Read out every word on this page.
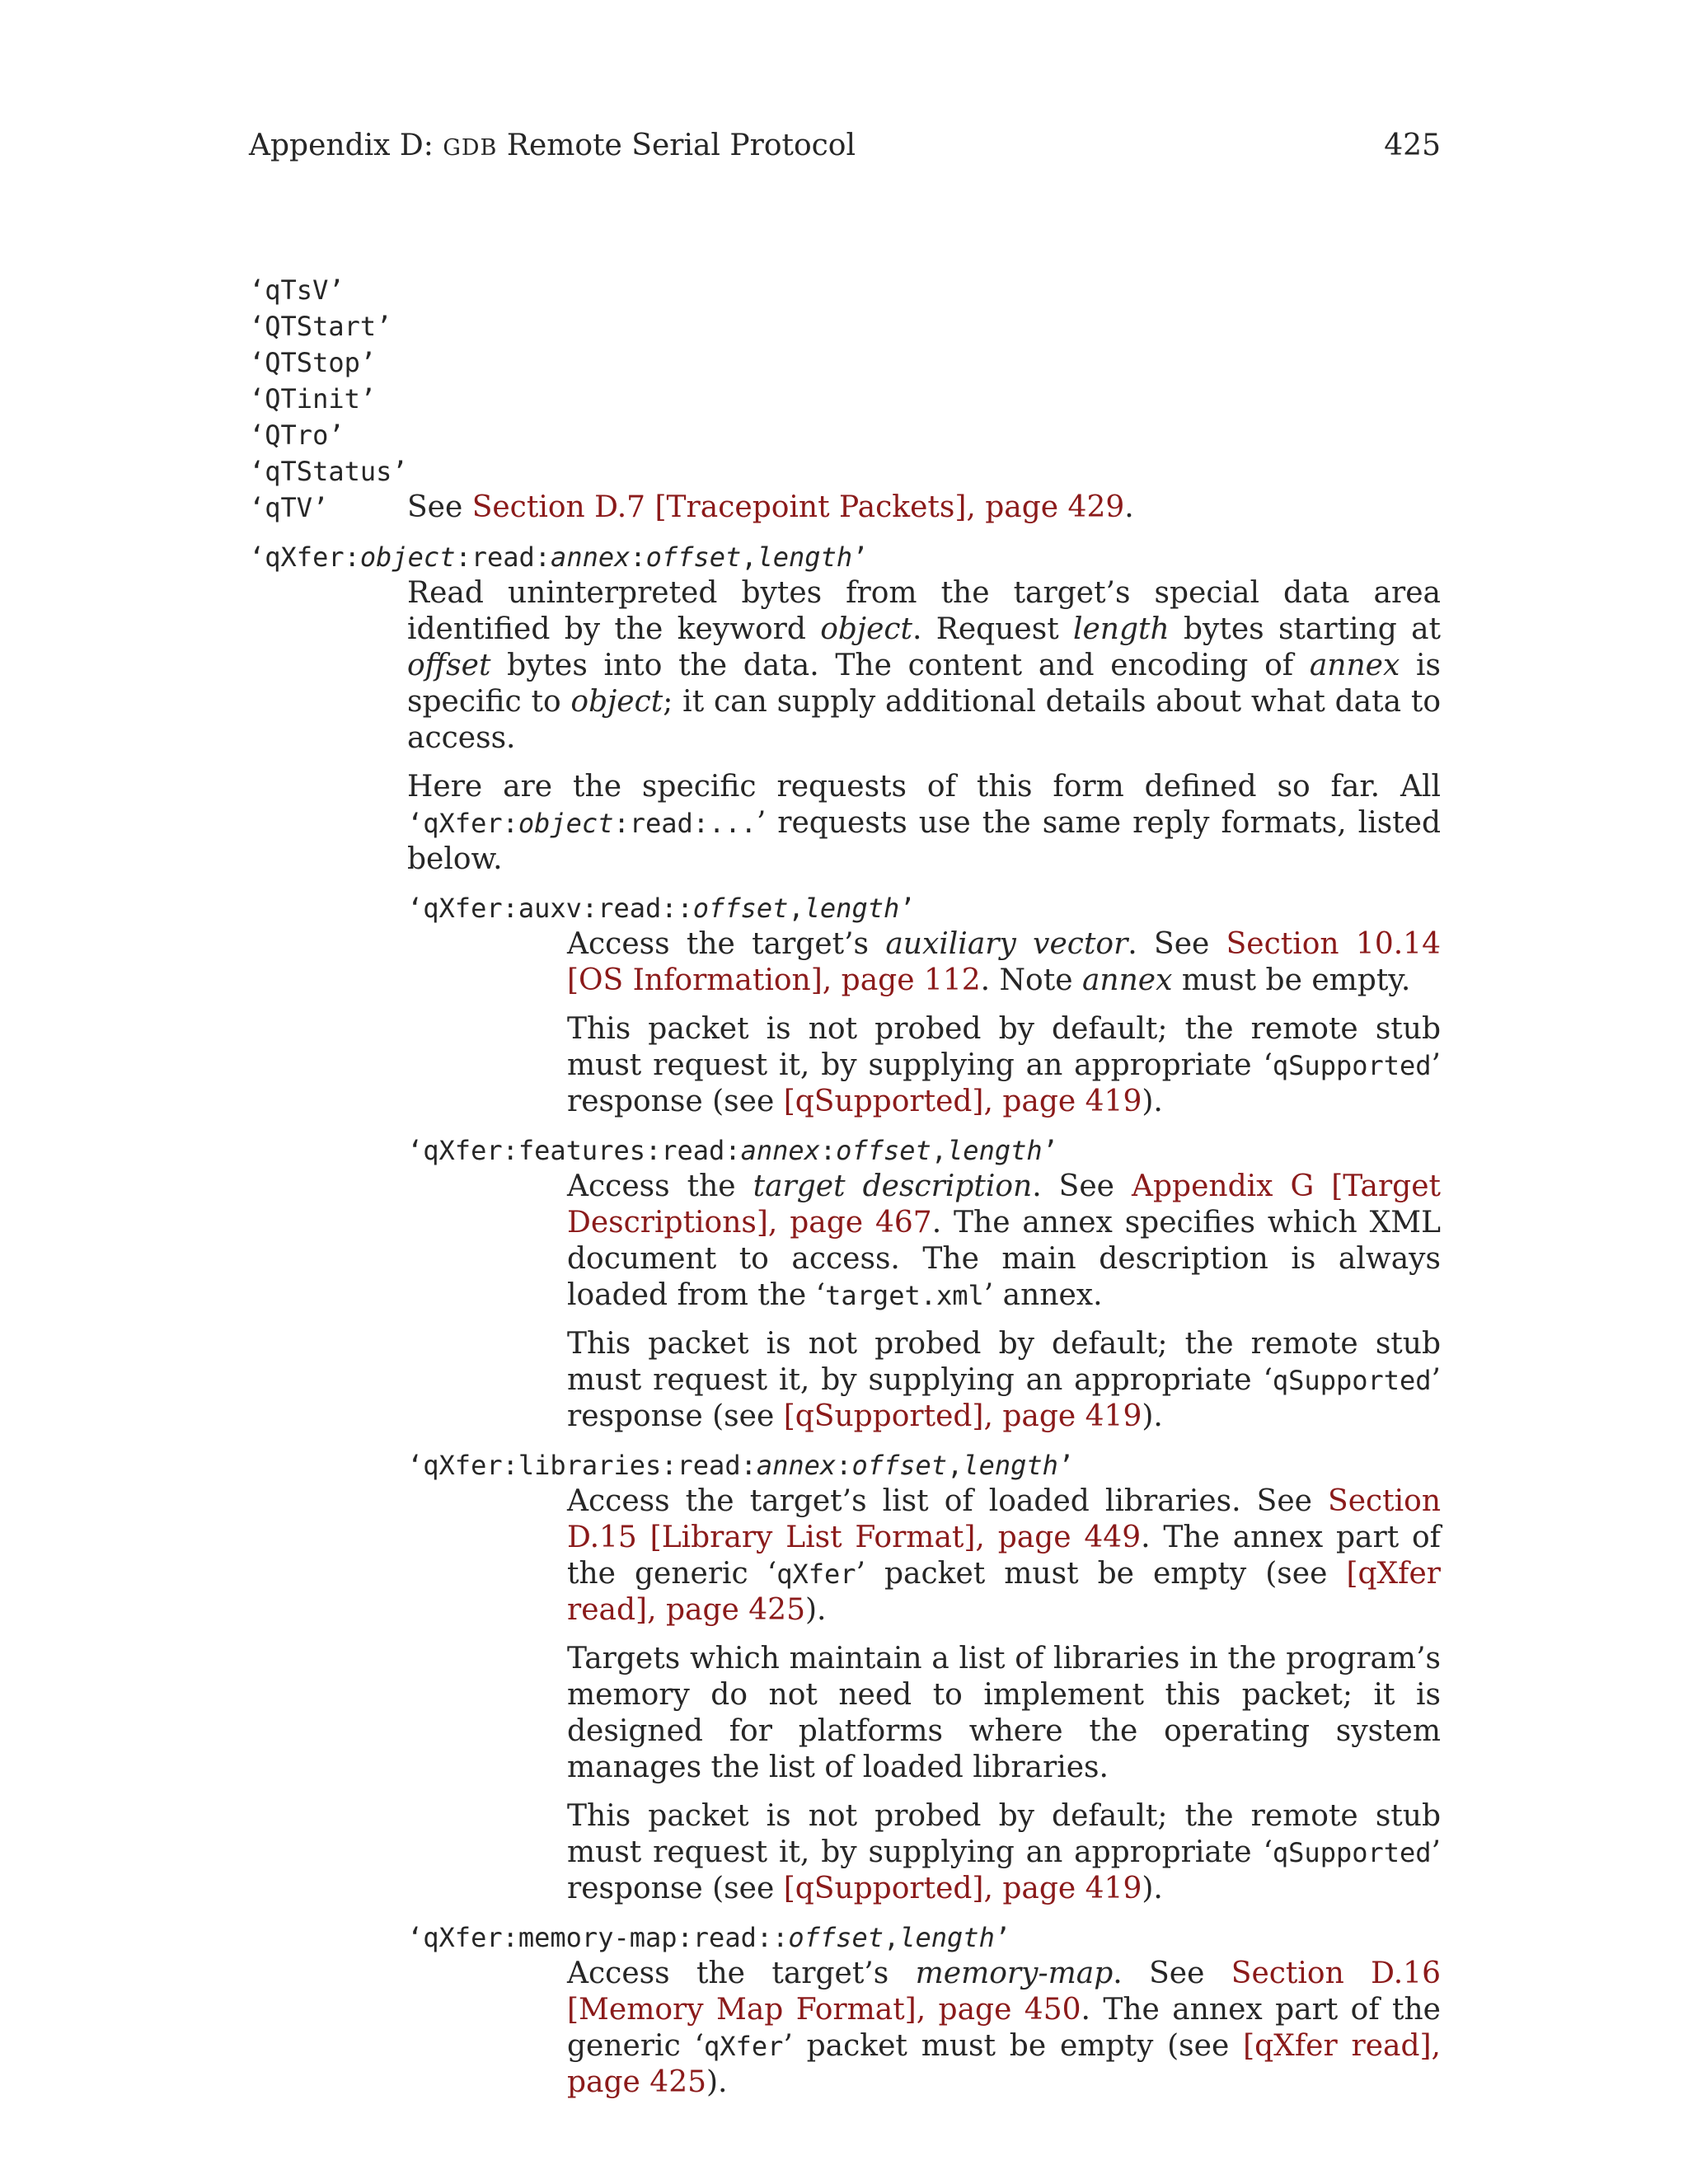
Appendix D: GDB Remote Serial Protocol	425
‘qTsV’
‘QTStart’
‘QTStop’
‘QTinit’
‘QTro’
‘qTStatus’
‘qTV’	See Section D.7 [Tracepoint Packets], page 429.
‘qXfer:object:read:annex:offset,length’

Read uninterpreted bytes from the target’s special data area identified by the keyword object. Request length bytes starting at offset bytes into the data. The content and encoding of annex is specific to object; it can supply additional details about what data to access.

Here are the specific requests of this form defined so far. All ‘qXfer:object:read:...’ requests use the same reply formats, listed below.

‘qXfer:auxv:read::offset,length’

Access the target’s auxiliary vector. See Section 10.14 [OS Information], page 112. Note annex must be empty.

This packet is not probed by default; the remote stub must request it, by supplying an appropriate ‘qSupported’ response (see [qSupported], page 419).

‘qXfer:features:read:annex:offset,length’

Access the target description. See Appendix G [Target Descriptions], page 467. The annex specifies which XML document to access. The main description is always loaded from the ‘target.xml’ annex.

This packet is not probed by default; the remote stub must request it, by supplying an appropriate ‘qSupported’ response (see [qSupported], page 419).

‘qXfer:libraries:read:annex:offset,length’

Access the target’s list of loaded libraries. See Section D.15 [Library List Format], page 449. The annex part of the generic ‘qXfer’ packet must be empty (see [qXfer read], page 425).

Targets which maintain a list of libraries in the program’s memory do not need to implement this packet; it is designed for platforms where the operating system manages the list of loaded libraries.

This packet is not probed by default; the remote stub must request it, by supplying an appropriate ‘qSupported’ response (see [qSupported], page 419).

‘qXfer:memory-map:read::offset,length’

Access the target’s memory-map. See Section D.16 [Memory Map Format], page 450. The annex part of the generic ‘qXfer’ packet must be empty (see [qXfer read], page 425).
